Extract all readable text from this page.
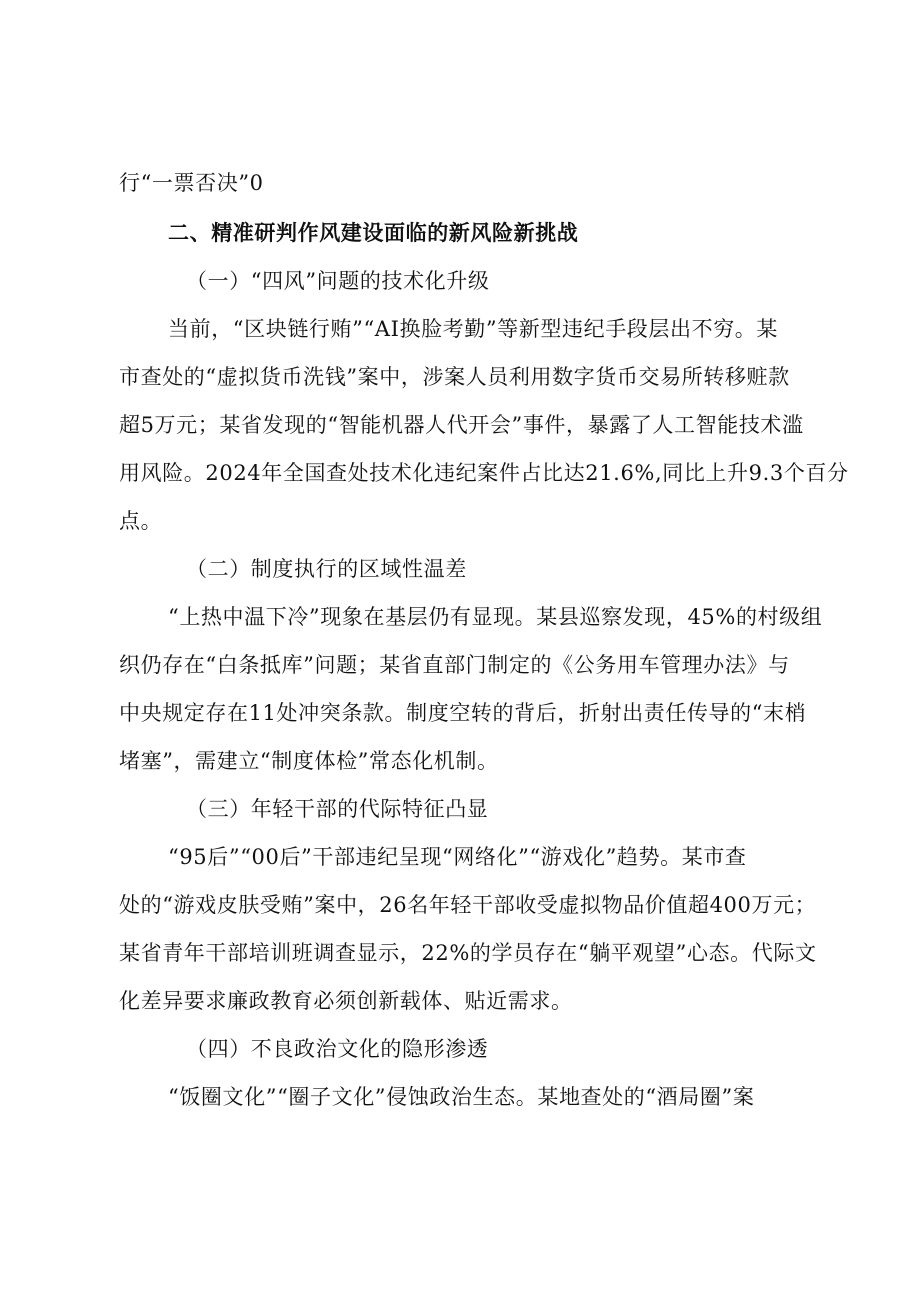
行“一票否决”0
二、精准研判作风建设面临的新风险新挑战
（一）“四风”问题的技术化升级
当前，“区块链行贿”“AI换脸考勤”等新型违纪手段层出不穷。某
市查处的“虚拟货币洗钱”案中，涉案人员利用数字货币交易所转移赃款
超5万元；某省发现的“智能机器人代开会”事件，暴露了人工智能技术滥
用风险。2024年全国查处技术化违纪案件占比达21.6%,同比上升9.3个百分
点。
（二）制度执行的区域性温差
“上热中温下冷”现象在基层仍有显现。某县巡察发现，45%的村级组
织仍存在“白条抵库”问题；某省直部门制定的《公务用车管理办法》与
中央规定存在11处冲突条款。制度空转的背后，折射出责任传导的“末梢
堵塞”，需建立“制度体检”常态化机制。
（三）年轻干部的代际特征凸显
“95后”“00后”干部违纪呈现“网络化”“游戏化”趋势。某市查
处的“游戏皮肤受贿”案中，26名年轻干部收受虚拟物品价值超400万元；
某省青年干部培训班调查显示，22%的学员存在“躺平观望”心态。代际文
化差异要求廉政教育必须创新载体、贴近需求。
（四）不良政治文化的隐形渗透
“饭圈文化”“圈子文化”侵蚀政治生态。某地查处的“酒局圈”案
